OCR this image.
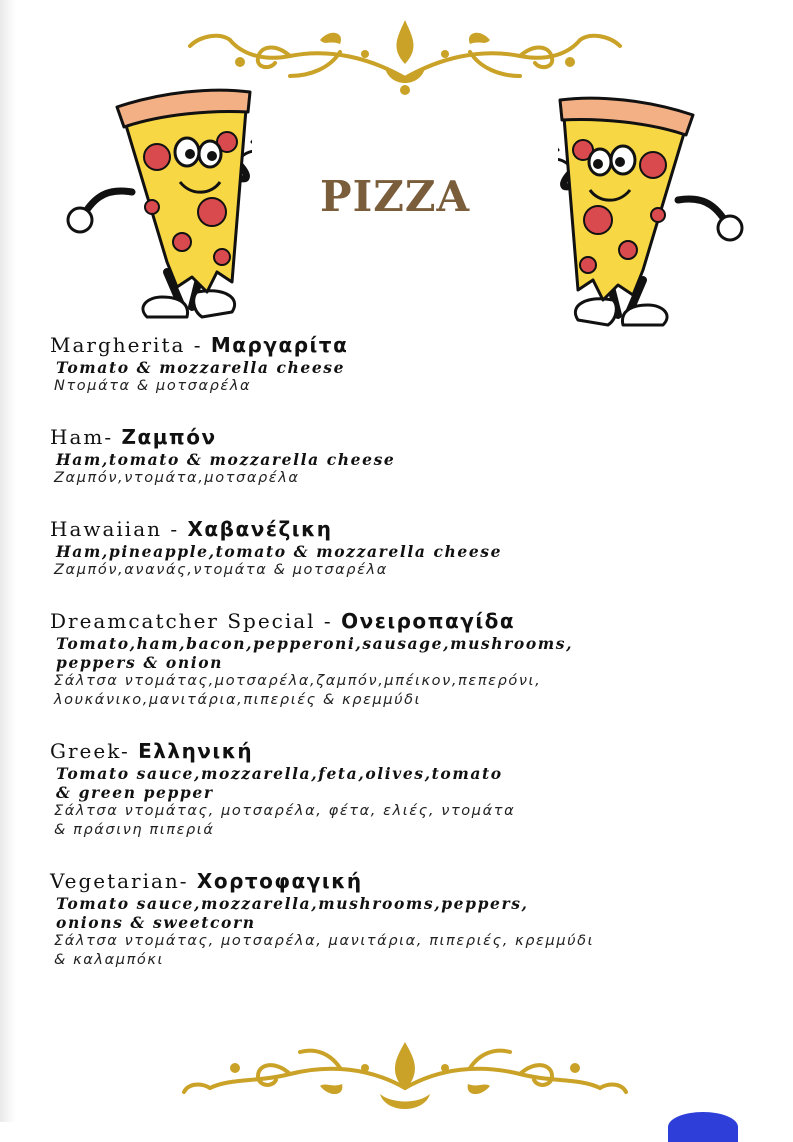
PIZZA
Margherita - Μαργαρίτα
Tomato & mozzarella cheese
Ντομάτα & μοτσαρέλα
Ham- Ζαμπόν
Ham,tomato & mozzarella cheese
Ζαμπόν,ντομάτα,μοτσαρέλα
Hawaiian - Χαβανέζικη
Ham,pineapple,tomato & mozzarella cheese
Ζαμπόν,ανανάς,ντομάτα & μοτσαρέλα
Dreamcatcher Special - Ονειροπαγίδα
Tomato,ham,bacon,pepperoni,sausage,mushrooms,
peppers & onion
Σάλτσα ντομάτας,μοτσαρέλα,ζαμπόν,μπέικον,πεπερόνι,
λουκάνικο,μανιτάρια,πιπεριές & κρεμμύδι
Greek- Ελληνική
Tomato sauce,mozzarella,feta,olives,tomato
& green pepper
Σάλτσα ντομάτας, μοτσαρέλα, φέτα, ελιές, ντομάτα
& πράσινη πιπεριά
Vegetarian- Χορτοφαγική
Tomato sauce,mozzarella,mushrooms,peppers,
onions & sweetcorn
Σάλτσα ντομάτας, μοτσαρέλα, μανιτάρια, πιπεριές, κρεμμύδι
& καλαμπόκι
